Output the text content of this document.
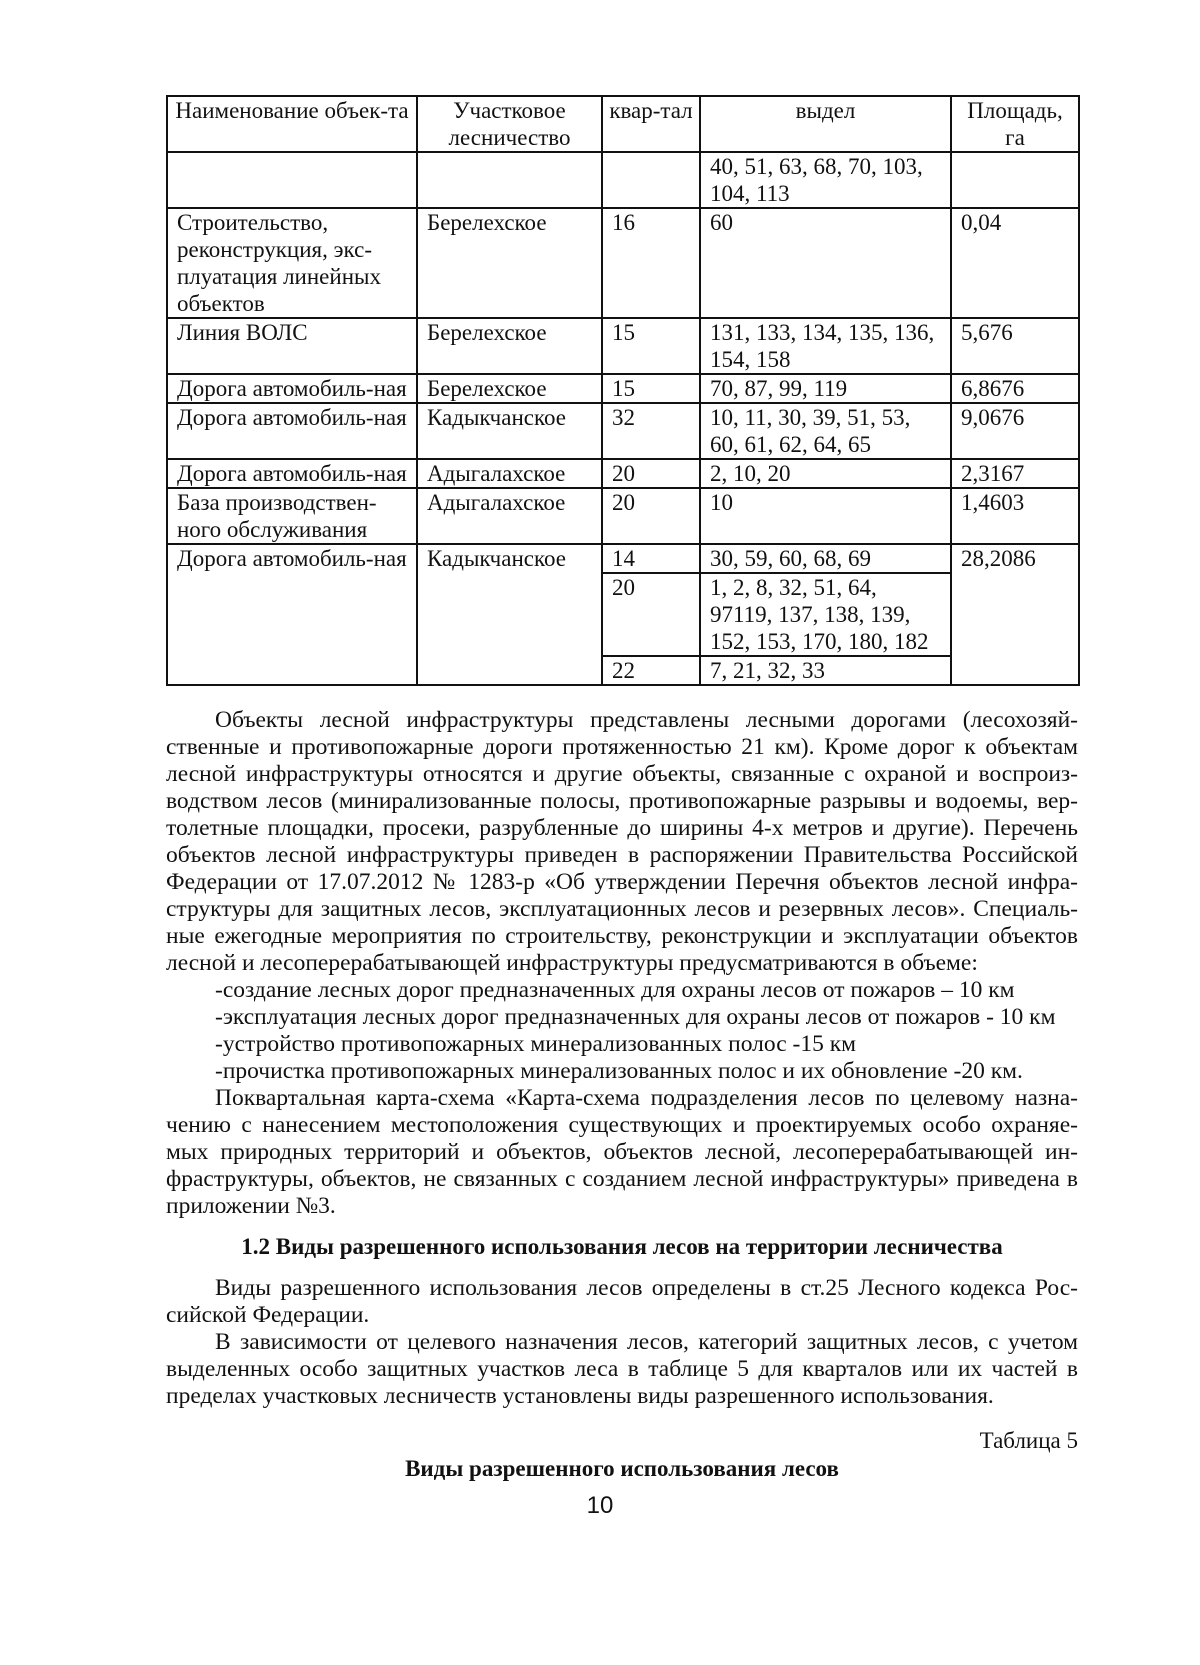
Наименование объек-та	Участковое лесничество	квар-тал	выдел	Площадь, га
			40, 51, 63, 68, 70, 103, 104, 113	
Строительство, реконструкция, экс-плуатация линейных объектов	Берелехское	16	60	0,04
Линия ВОЛС	Берелехское	15	131, 133, 134, 135, 136, 154, 158	5,676
Дорога автомобиль-ная	Берелехское	15	70, 87, 99, 119	6,8676
Дорога автомобиль-ная	Кадыкчанское	32	10, 11, 30, 39, 51, 53, 60, 61, 62, 64, 65	9,0676
Дорога автомобиль-ная	Адыгалахское	20	2, 10, 20	2,3167
База производствен-ного обслуживания	Адыгалахское	20	10	1,4603
Дорога автомобиль-ная	Кадыкчанское	14	30, 59, 60, 68, 69	28,2086
		20	1, 2, 8, 32, 51, 64, 97119, 137, 138, 139, 152, 153, 170, 180, 182	
		22	7, 21, 32, 33	

Объекты лесной инфраструктуры представлены лесными дорогами (лесохозяй-ственные и противопожарные дороги протяженностью 21 км). Кроме дорог к объектам лесной инфраструктуры относятся и другие объекты, связанные с охраной и воспроиз-водством лесов (минирализованные полосы, противопожарные разрывы и водоемы, вер-толетные площадки, просеки, разрубленные до ширины 4-х метров и другие). Перечень объектов лесной инфраструктуры приведен в распоряжении Правительства Российской Федерации от 17.07.2012 № 1283-р «Об утверждении Перечня объектов лесной инфра-структуры для защитных лесов, эксплуатационных лесов и резервных лесов». Специаль-ные ежегодные мероприятия по строительству, реконструкции и эксплуатации объектов лесной и лесоперерабатывающей инфраструктуры предусматриваются в объеме:

-создание лесных дорог предназначенных для охраны лесов от пожаров – 10 км

-эксплуатация лесных дорог предназначенных для охраны лесов от пожаров - 10 км

-устройство противопожарных минерализованных полос -15 км

-прочистка противопожарных минерализованных полос и их обновление -20 км.

Поквартальная карта-схема «Карта-схема подразделения лесов по целевому назна-чению с нанесением местоположения существующих и проектируемых особо охраняе-мых природных территорий и объектов, объектов лесной, лесоперерабатывающей ин-фраструктуры, объектов, не связанных с созданием лесной инфраструктуры» приведена в приложении №3.

1.2 Виды разрешенного использования лесов на территории лесничества

Виды разрешенного использования лесов определены в ст.25 Лесного кодекса Рос-сийской Федерации.

В зависимости от целевого назначения лесов, категорий защитных лесов, с учетом выделенных особо защитных участков леса в таблице 5 для кварталов или их частей в пределах участковых лесничеств установлены виды разрешенного использования.

Таблица 5

Виды разрешенного использования лесов
10
